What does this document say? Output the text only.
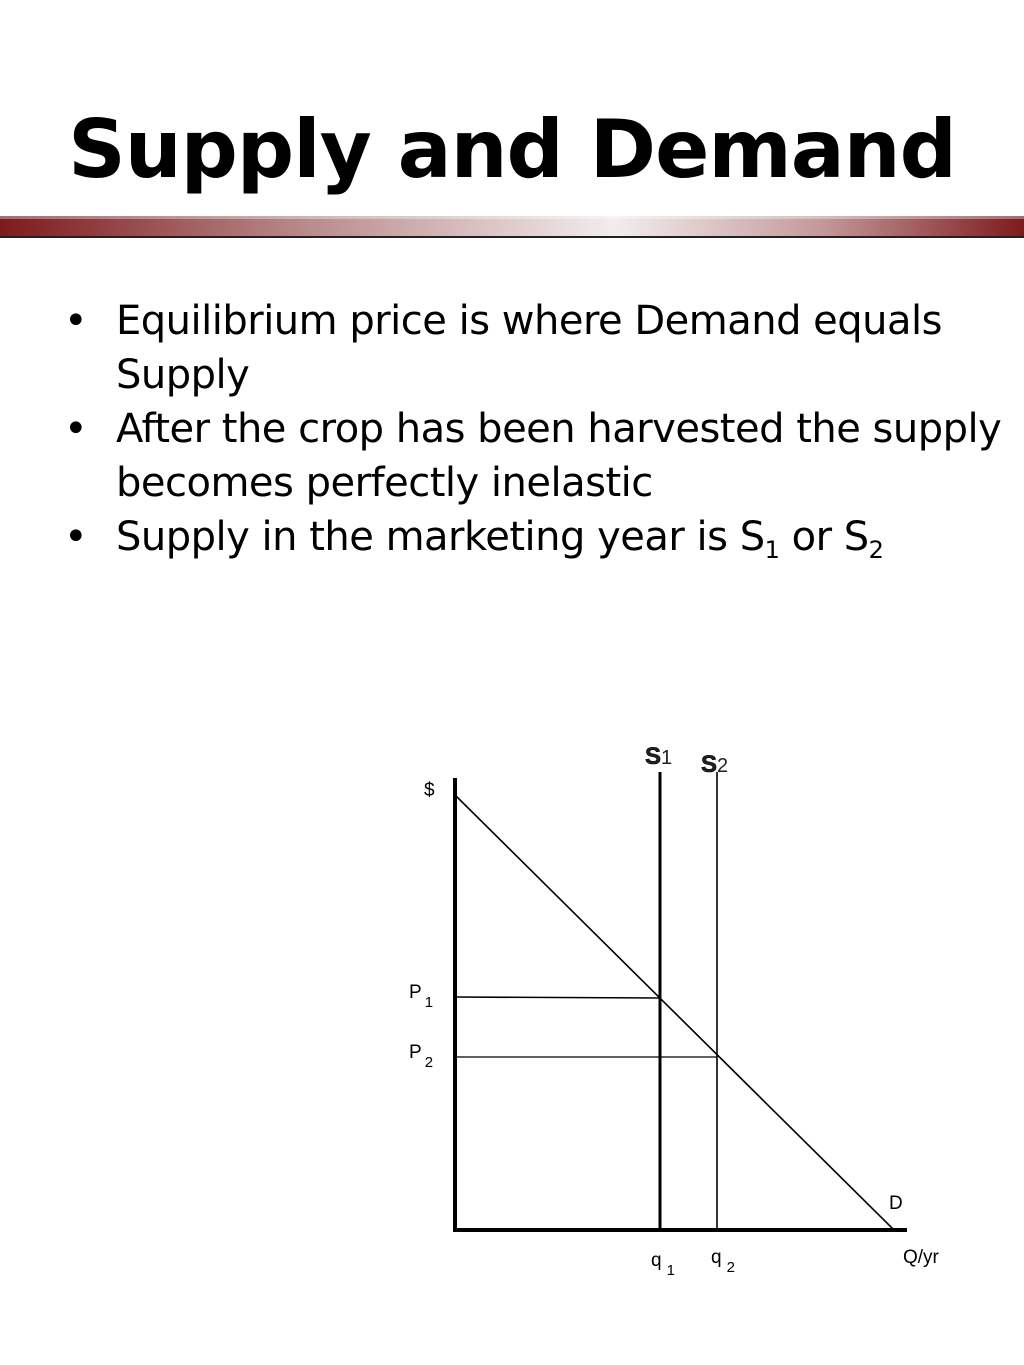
Supply and Demand
• Equilibrium price is where Demand equals Supply
• After the crop has been harvested the supply becomes perfectly inelastic
• Supply in the marketing year is $S_1$ or $S_2$
$
Q/yr
D
S1 S2
P $_1$
P $_2$
q $_1$
q $_2$
